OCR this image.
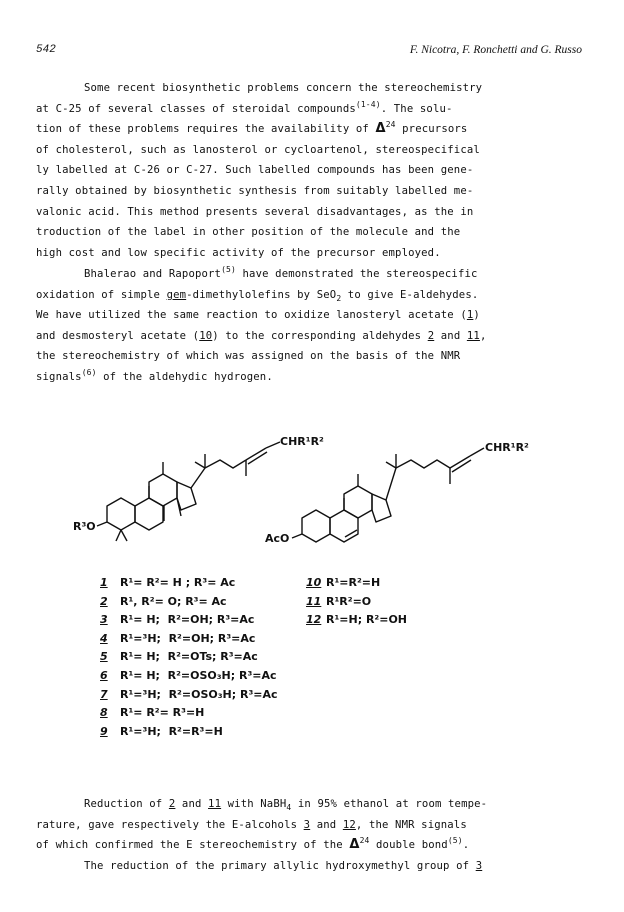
542	F. Nicotra, F. Ronchetti and G. Russo
Some recent biosynthetic problems concern the stereochemistry
at C-25 of several classes of steroidal compounds$^{(1-4)}$. The solu-
tion of these problems requires the availability of $\Delta^{24}$ precursors
of cholesterol, such as lanosterol or cycloartenol, stereospecifical
ly labelled at C-26 or C-27. Such labelled compounds has been gene-
rally obtained by biosynthetic synthesis from suitably labelled me-
valonic acid. This method presents several disadvantages, as the in
troduction of the label in other position of the molecule and the
high cost and low specific activity of the precursor employed.
Bhalerao and Rapoport$^{(5)}$ have demonstrated the stereospecific
oxidation of simple gem-dimethylolefins by SeO$_2$ to give E-aldehydes.
We have utilized the same reaction to oxidize lanosteryl acetate (1)
and desmosteryl acetate (10) to the corresponding aldehydes 2 and 11,
the stereochemistry of which was assigned on the basis of the NMR
signals$^{(6)}$ of the aldehydic hydrogen.
CHR¹R²	CHR¹R²
R³O
AcO
1 R¹= R²= H ; R³= Ac
2 R¹, R²= O; R³= Ac
3 R¹= H;  R²=OH; R³=Ac
4 R¹=³H;  R²=OH; R³=Ac
5 R¹= H;  R²=OTs; R³=Ac
6 R¹= H;  R²=OSO₃H; R³=Ac
7 R¹=³H;  R²=OSO₃H; R³=Ac
8 R¹= R²= R³=H
9 R¹=³H;  R²=R³=H
10 R¹=R²=H
11 R¹R²=O
12 R¹=H; R²=OH
Reduction of 2 and 11 with NaBH$_4$ in 95% ethanol at room tempe-
rature, gave respectively the E-alcohols 3 and 12, the NMR signals
of which confirmed the E stereochemistry of the $\Delta^{24}$ double bond$^{(5)}$.
The reduction of the primary allylic hydroxymethyl group of 3
